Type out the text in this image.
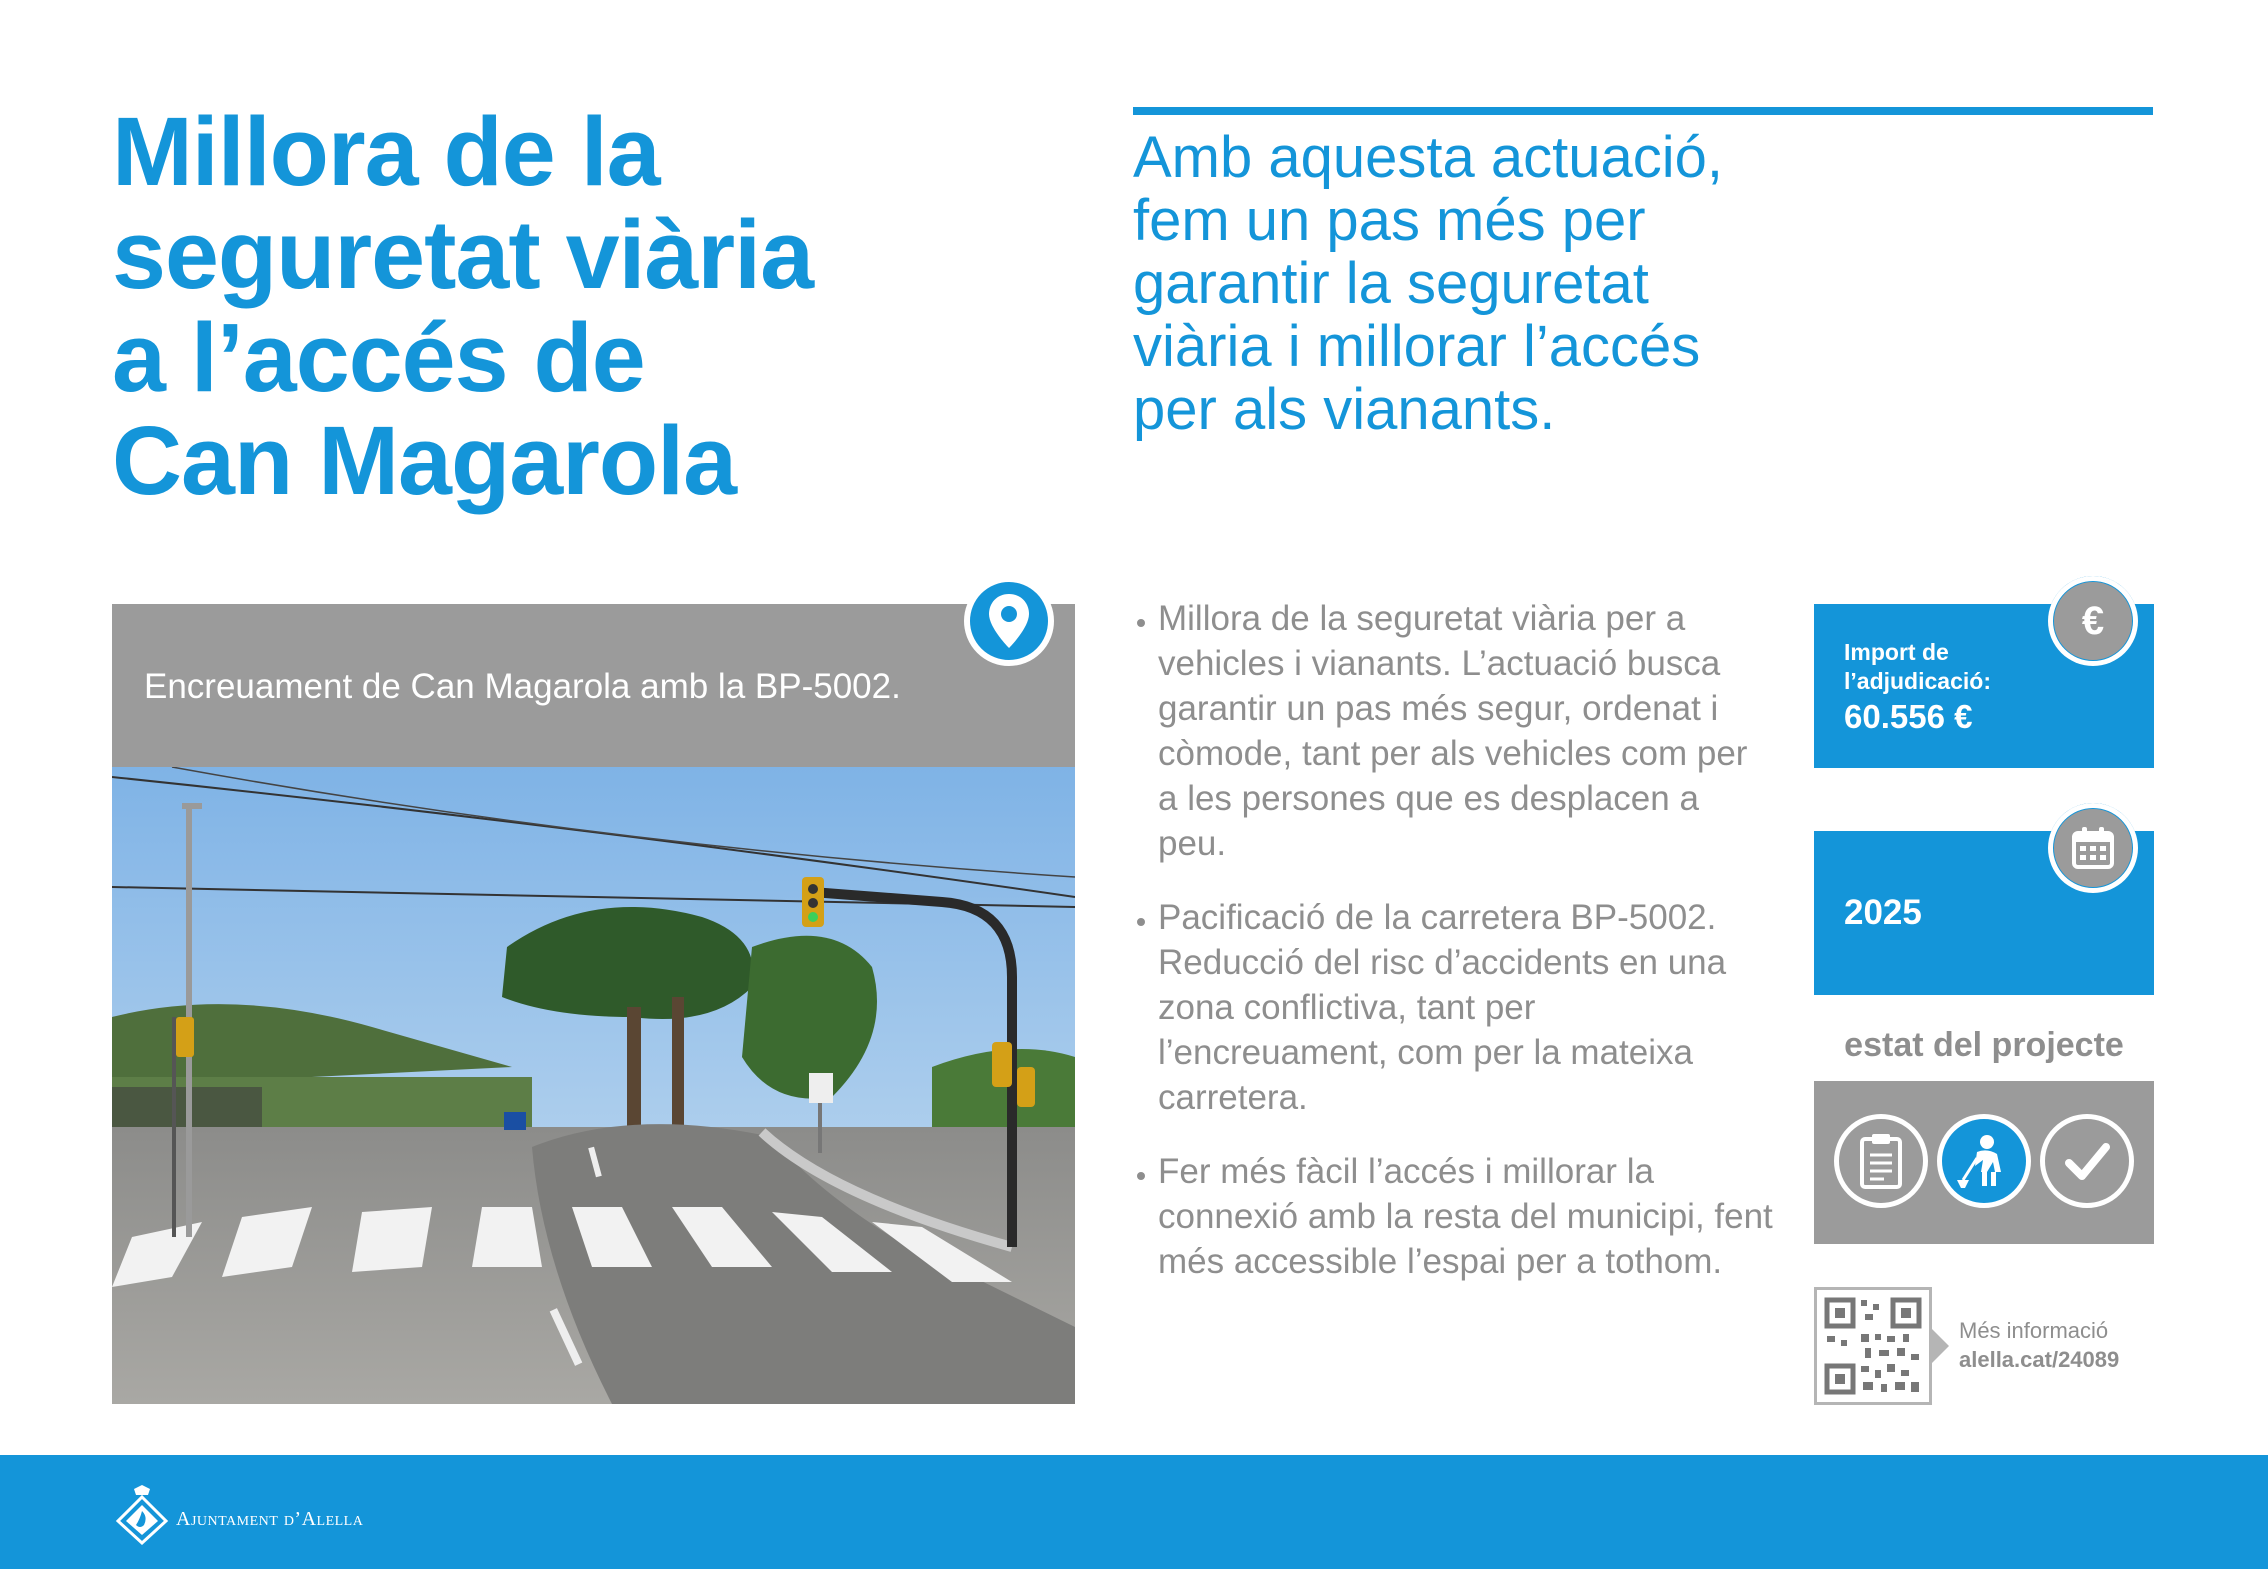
Millora de la
seguretat viària
a l’accés de
Can Magarola
Amb aquesta actuació,
fem un pas més per
garantir la seguretat
viària i millorar l’accés
per als vianants.
Encreuament de Can Magarola amb la BP-5002.
Millora de la seguretat viària per a vehicles i vianants. L’actuació busca garantir un pas més segur, ordenat i còmode, tant per als vehicles com per a les persones que es desplacen a peu.
Pacificació de la carretera BP-5002. Reducció del risc d’accidents en una zona conflictiva, tant per l’encreuament, com per la mateixa carretera.
Fer més fàcil l’accés i millorar la connexió amb la resta del municipi, fent més accessible l’espai per a tothom.
Import de l’adjudicació:
60.556 €
€
2025
estat del projecte
Més informació
alella.cat/24089
Ajuntament d’Alella
